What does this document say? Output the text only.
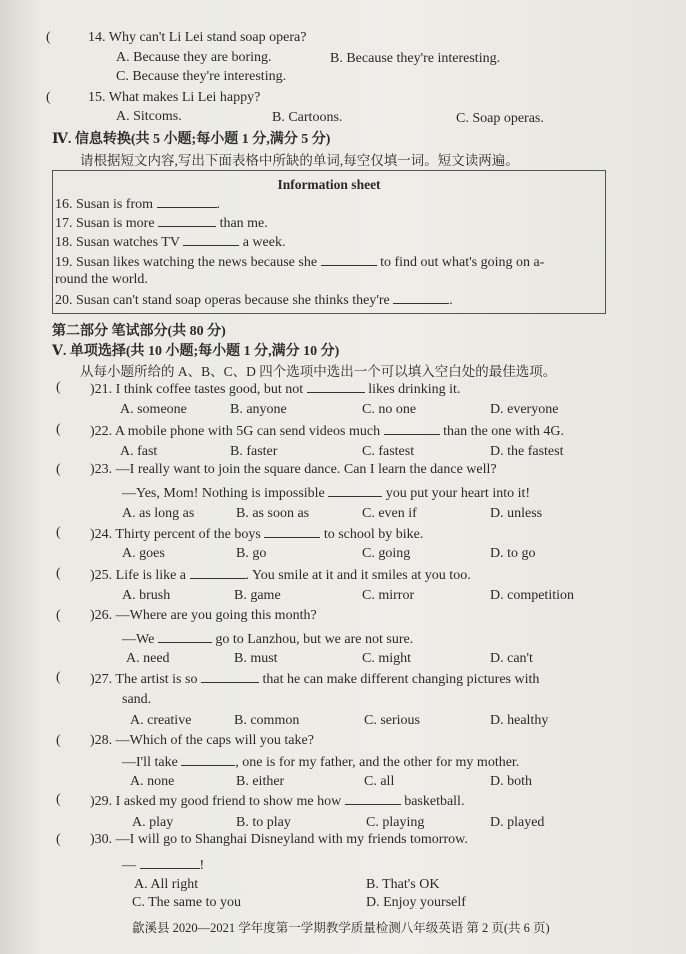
(	14. Why can't Li Lei stand soap opera?
A. Because they are boring.	B. Because they're interesting.
C. Because they're interesting.
(	15. What makes Li Lei happy?
A. Sitcoms.	B. Cartoons.	C. Soap operas.
Ⅳ. 信息转换(共 5 小题;每小题 1 分,满分 5 分)
请根据短文内容,写出下面表格中所缺的单词,每空仅填一词。短文读两遍。
Information sheet
16. Susan is from	.
17. Susan is more	than me.
18. Susan watches TV	a week.
19. Susan likes watching the news because she	to find out what's going on a-
round the world.
20. Susan can't stand soap operas because she thinks they're	.
第二部分 笔试部分(共 80 分)
Ⅴ. 单项选择(共 10 小题;每小题 1 分,满分 10 分)
从每小题所给的 A、B、C、D 四个选项中选出一个可以填入空白处的最佳选项。
( )21. I think coffee tastes good, but not	likes drinking it.
A. someone	B. anyone	C. no one	D. everyone
( )22. A mobile phone with 5G can send videos much	than the one with 4G.
A. fast	B. faster	C. fastest	D. the fastest
( )23. —I really want to join the square dance. Can I learn the dance well?
—Yes, Mom! Nothing is impossible	you put your heart into it!
A. as long as	B. as soon as	C. even if	D. unless
( )24. Thirty percent of the boys	to school by bike.
A. goes	B. go	C. going	D. to go
( )25. Life is like a	. You smile at it and it smiles at you too.
A. brush	B. game	C. mirror	D. competition
( )26. —Where are you going this month?
—We	go to Lanzhou, but we are not sure.
A. need	B. must	C. might	D. can't
( )27. The artist is so	that he can make different changing pictures with
sand.
A. creative	B. common	C. serious	D. healthy
( )28. —Which of the caps will you take?
—I'll take	, one is for my father, and the other for my mother.
A. none	B. either	C. all	D. both
( )29. I asked my good friend to show me how	basketball.
A. play	B. to play	C. playing	D. played
( )30. —I will go to Shanghai Disneyland with my friends tomorrow.
—	!
A. All right	B. That's OK
C. The same to you	D. Enjoy yourself
歙溪县 2020—2021 学年度第一学期教学质量检测八年级英语 第 2 页(共 6 页)
